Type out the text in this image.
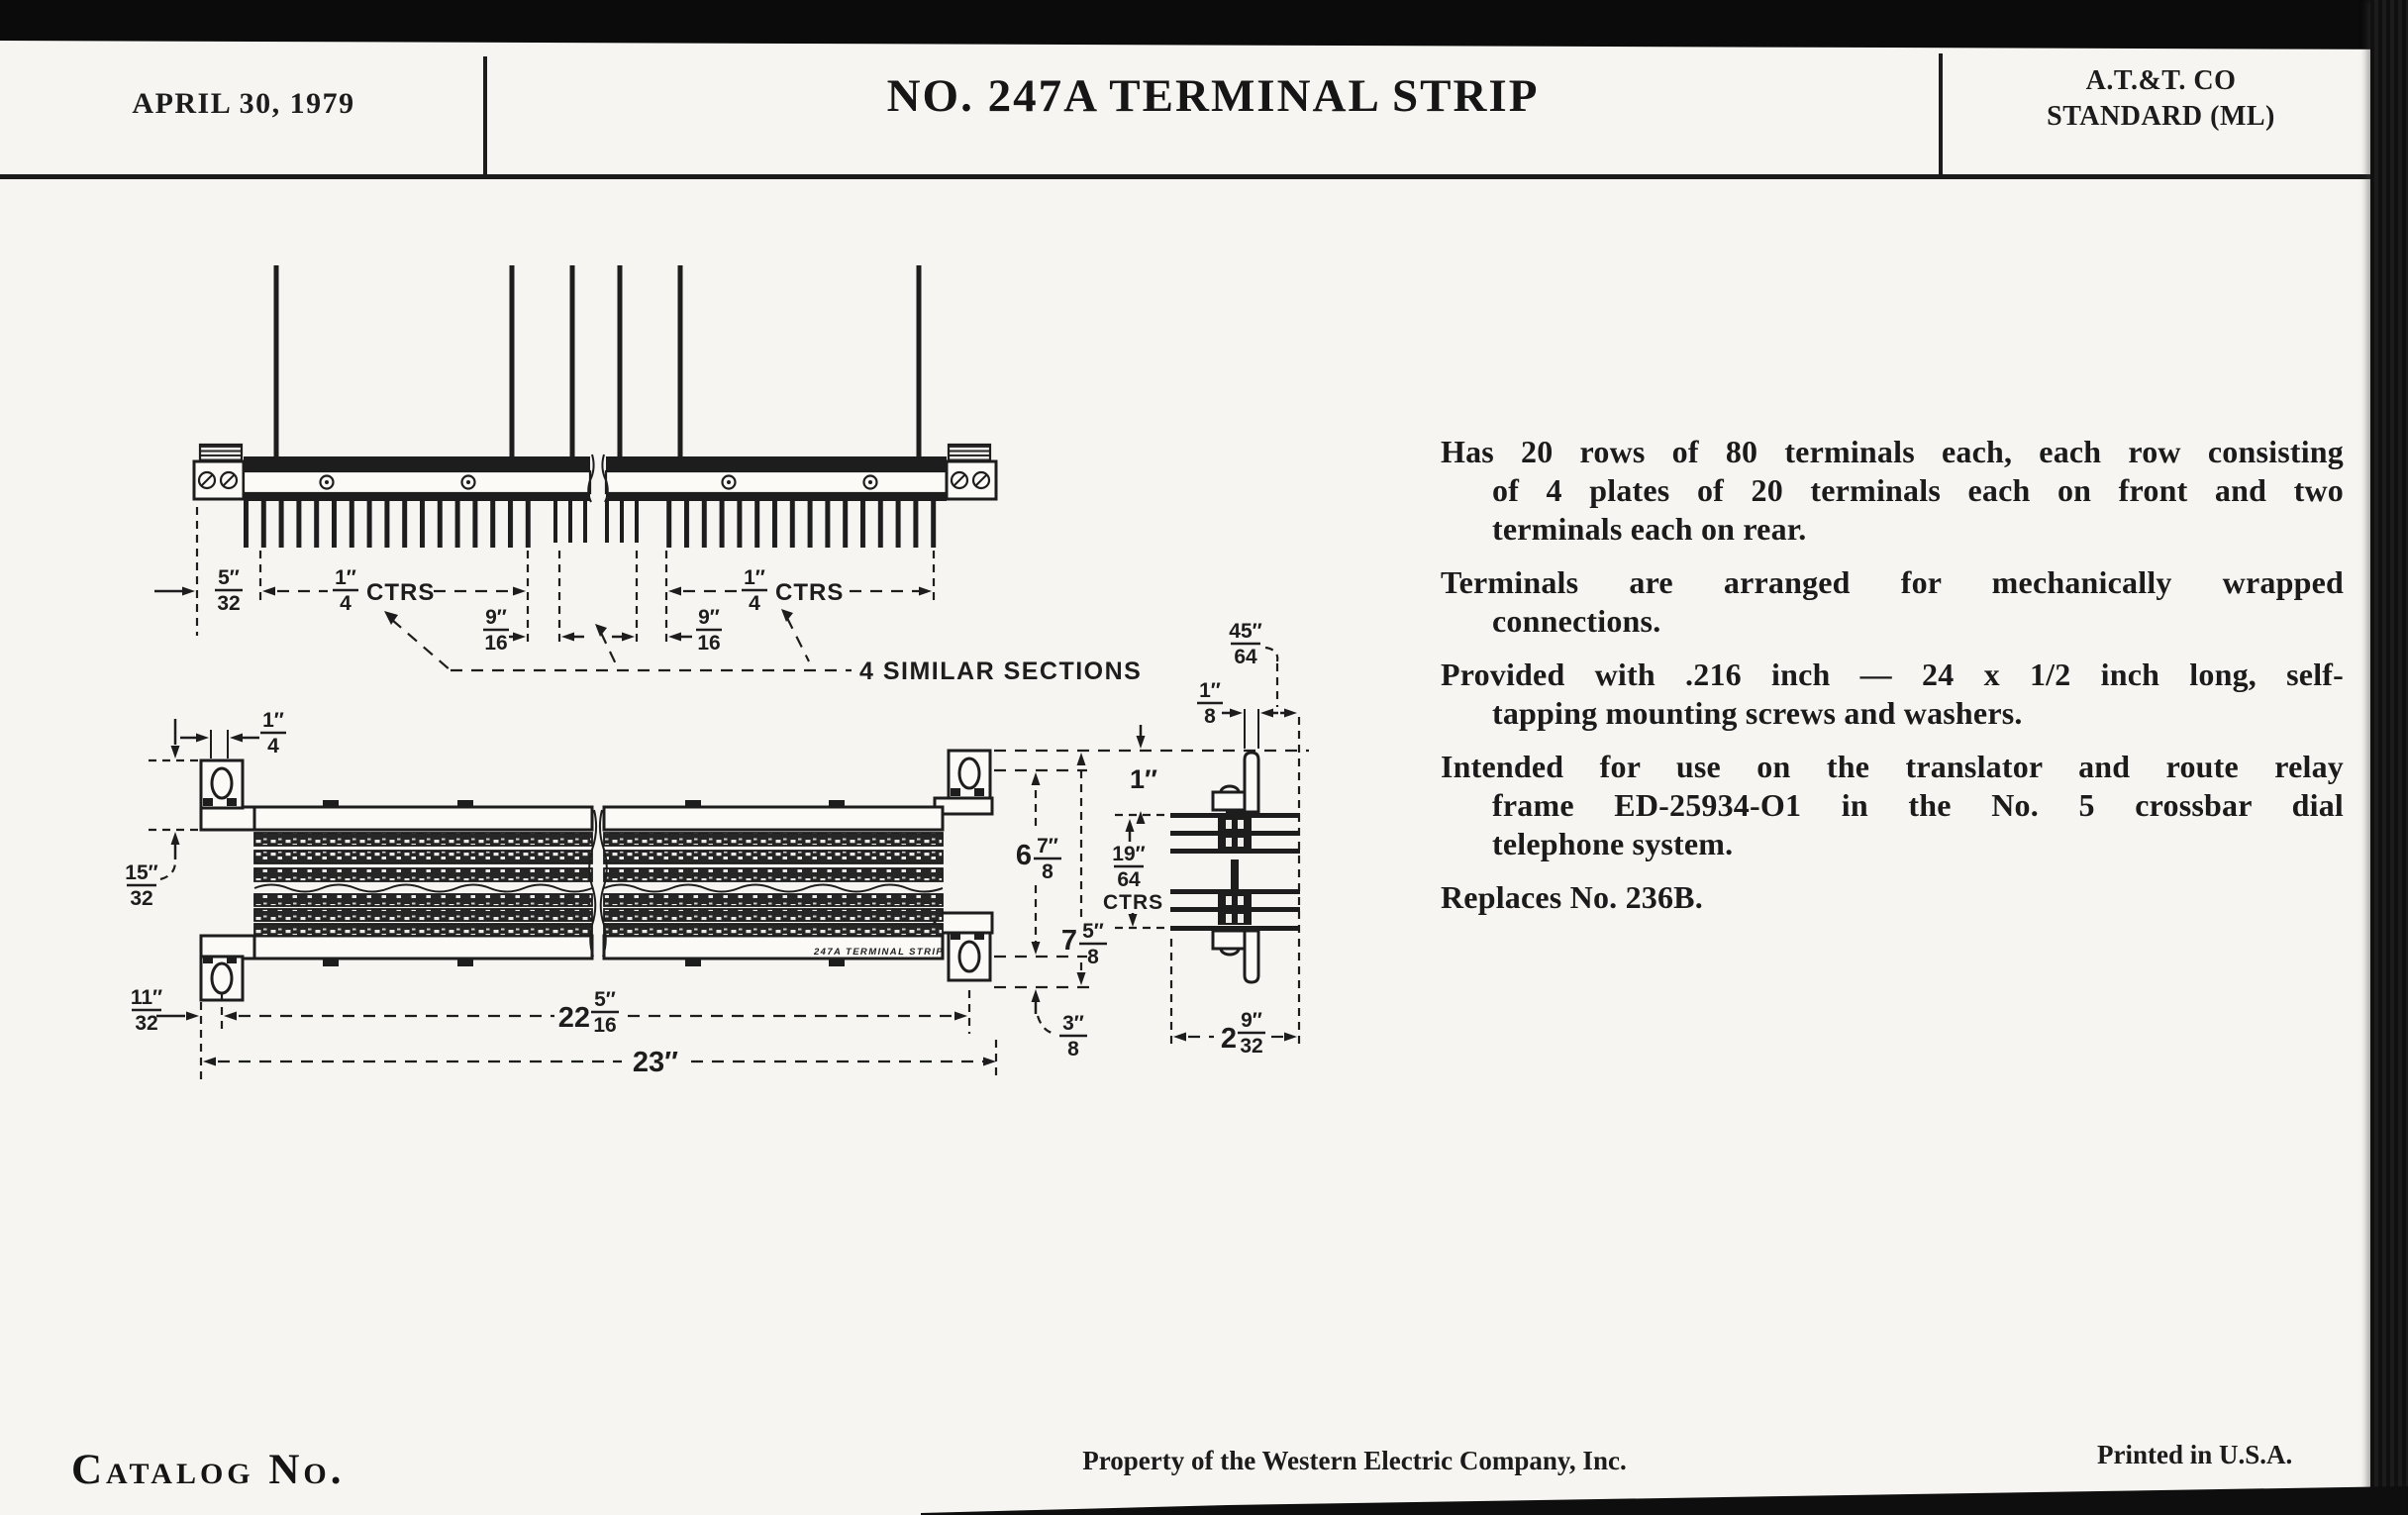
APRIL 30, 1979	NO. 247A TERMINAL STRIP	A.T.&T. CO
STANDARD (ML)
Has 20 rows of 80 terminals each, each row consisting
of 4 plates of 20 terminals each on front and two
terminals each on rear.
Terminals are arranged for mechanically wrapped
connections.
Provided with .216 inch — 24 x 1/2 inch long, self-
tapping mounting screws and washers.
Intended for use on the translator and route relay
frame ED-25934-O1 in the No. 5 crossbar dial
telephone system.
Replaces No. 236B.
5″
32
1″
4 CTRS
9″
16
9″
16
1″
4 CTRS
4 SIMILAR SECTIONS
247A TERMINAL STRIP
1″
4
15″
32
11″
32	22
5″
16
23″
6 7″
8
7 5″
8
3″
8
45″
64
1″
8
1″
19″
64
CTRS
2
9″
32
Catalog No.	Property of the Western Electric Company, Inc.	Printed in U.S.A.
